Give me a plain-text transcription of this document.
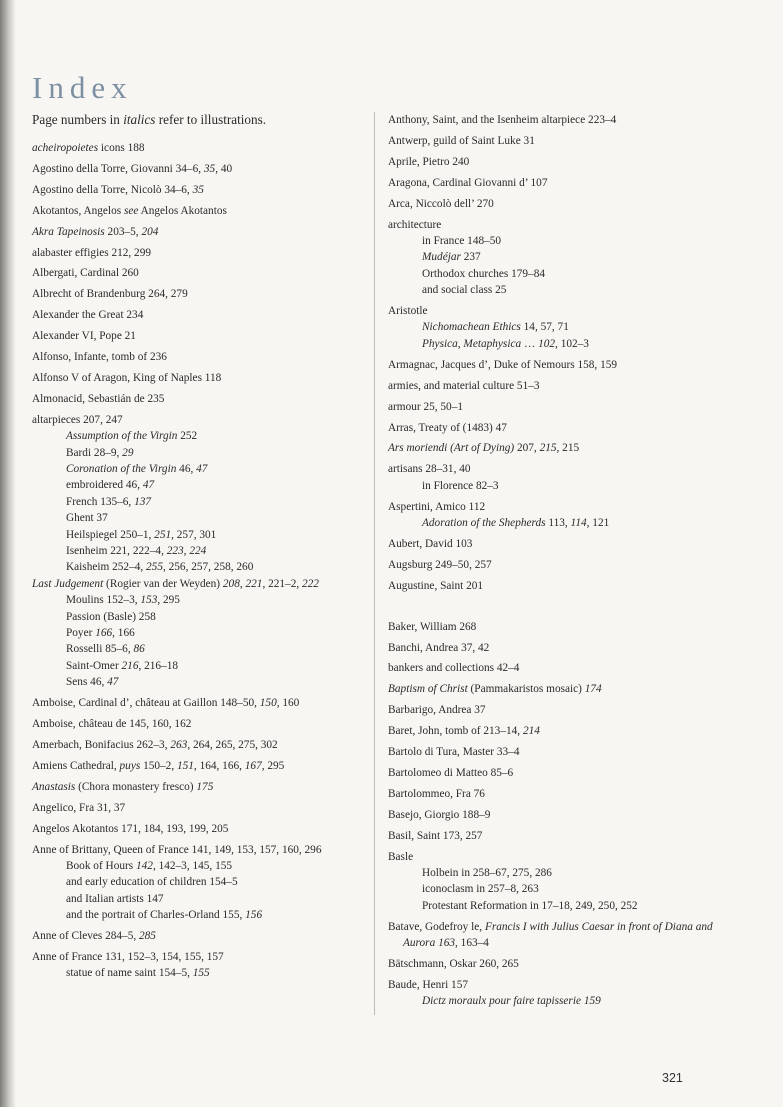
Index
Page numbers in italics refer to illustrations.
acheiropoietes icons 188
Agostino della Torre, Giovanni 34–6, 35, 40
Agostino della Torre, Nicolò 34–6, 35
Akotantos, Angelos see Angelos Akotantos
Akra Tapeinosis 203–5, 204
alabaster effigies 212, 299
Albergati, Cardinal 260
Albrecht of Brandenburg 264, 279
Alexander the Great 234
Alexander VI, Pope 21
Alfonso, Infante, tomb of 236
Alfonso V of Aragon, King of Naples 118
Almonacid, Sebastián de 235
altarpieces 207, 247
Assumption of the Virgin 252
Bardi 28–9, 29
Coronation of the Virgin 46, 47
embroidered 46, 47
French 135–6, 137
Ghent 37
Heilspiegel 250–1, 251, 257, 301
Isenheim 221, 222–4, 223, 224
Kaisheim 252–4, 255, 256, 257, 258, 260
Last Judgement (Rogier van der Weyden) 208, 221, 221–2, 222
Moulins 152–3, 153, 295
Passion (Basle) 258
Poyer 166, 166
Rosselli 85–6, 86
Saint-Omer 216, 216–18
Sens 46, 47
Amboise, Cardinal d’, château at Gaillon 148–50, 150, 160
Amboise, château de 145, 160, 162
Amerbach, Bonifacius 262–3, 263, 264, 265, 275, 302
Amiens Cathedral, puys 150–2, 151, 164, 166, 167, 295
Anastasis (Chora monastery fresco) 175
Angelico, Fra 31, 37
Angelos Akotantos 171, 184, 193, 199, 205
Anne of Brittany, Queen of France 141, 149, 153, 157, 160, 296
Book of Hours 142, 142–3, 145, 155
and early education of children 154–5
and Italian artists 147
and the portrait of Charles-Orland 155, 156
Anne of Cleves 284–5, 285
Anne of France 131, 152–3, 154, 155, 157
statue of name saint 154–5, 155
Anthony, Saint, and the Isenheim altarpiece 223–4
Antwerp, guild of Saint Luke 31
Aprile, Pietro 240
Aragona, Cardinal Giovanni d’ 107
Arca, Niccolò dell’ 270
architecture
in France 148–50
Mudéjar 237
Orthodox churches 179–84
and social class 25
Aristotle
Nichomachean Ethics 14, 57, 71
Physica, Metaphysica … 102, 102–3
Armagnac, Jacques d’, Duke of Nemours 158, 159
armies, and material culture 51–3
armour 25, 50–1
Arras, Treaty of (1483) 47
Ars moriendi (Art of Dying) 207, 215, 215
artisans 28–31, 40
in Florence 82–3
Aspertini, Amico 112
Adoration of the Shepherds 113, 114, 121
Aubert, David 103
Augsburg 249–50, 257
Augustine, Saint 201
Baker, William 268
Banchi, Andrea 37, 42
bankers and collections 42–4
Baptism of Christ (Pammakaristos mosaic) 174
Barbarigo, Andrea 37
Baret, John, tomb of 213–14, 214
Bartolo di Tura, Master 33–4
Bartolomeo di Matteo 85–6
Bartolommeo, Fra 76
Basejo, Giorgio 188–9
Basil, Saint 173, 257
Basle
Holbein in 258–67, 275, 286
iconoclasm in 257–8, 263
Protestant Reformation in 17–18, 249, 250, 252
Batave, Godefroy le, Francis I with Julius Caesar in front of Diana and Aurora 163, 163–4
Bätschmann, Oskar 260, 265
Baude, Henri 157
Dictz moraulx pour faire tapisserie 159
321
